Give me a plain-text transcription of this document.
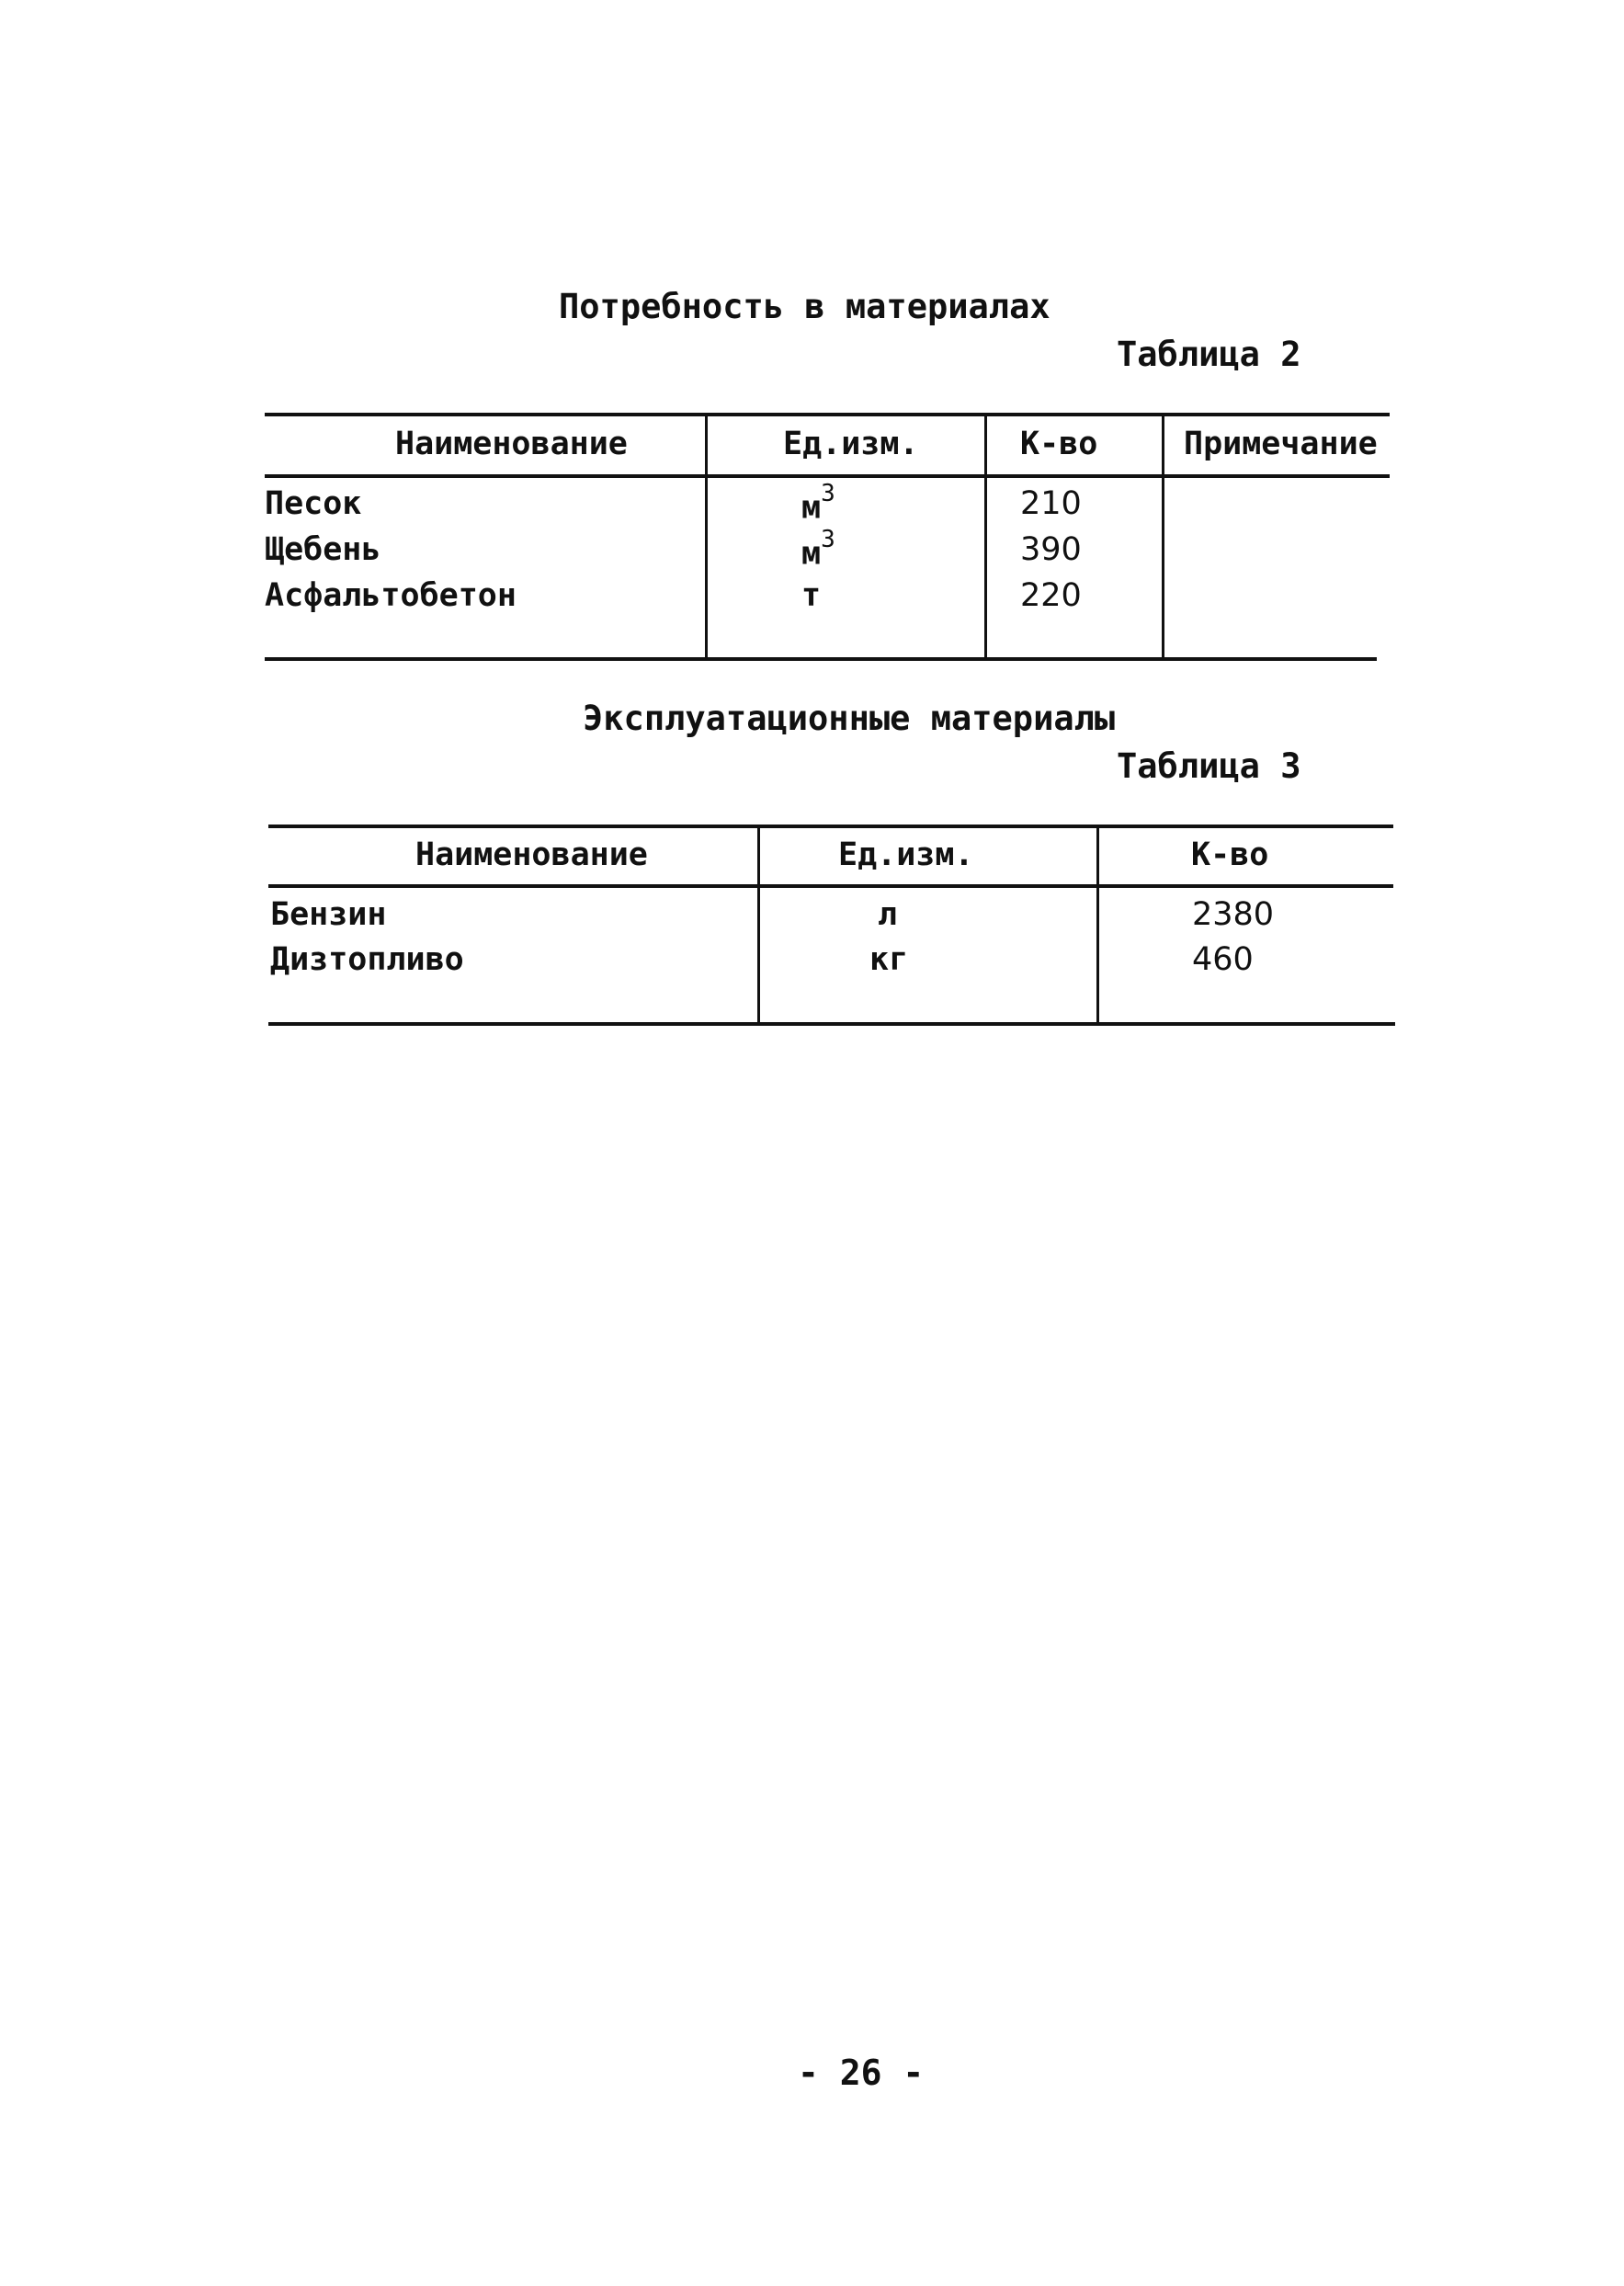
Потребность в материалах
Таблица 2
Наименование	Ед.изм.	К-во	Примечание
Песок	$м^3$	210
Щебень	$м^3$	390
Асфальтобетон	т	220
Эксплуатационные материалы
Таблица 3
Наименование	Ед.изм.	К-во
Бензин	л	2380
Дизтопливо	кг	460
- 26 -
